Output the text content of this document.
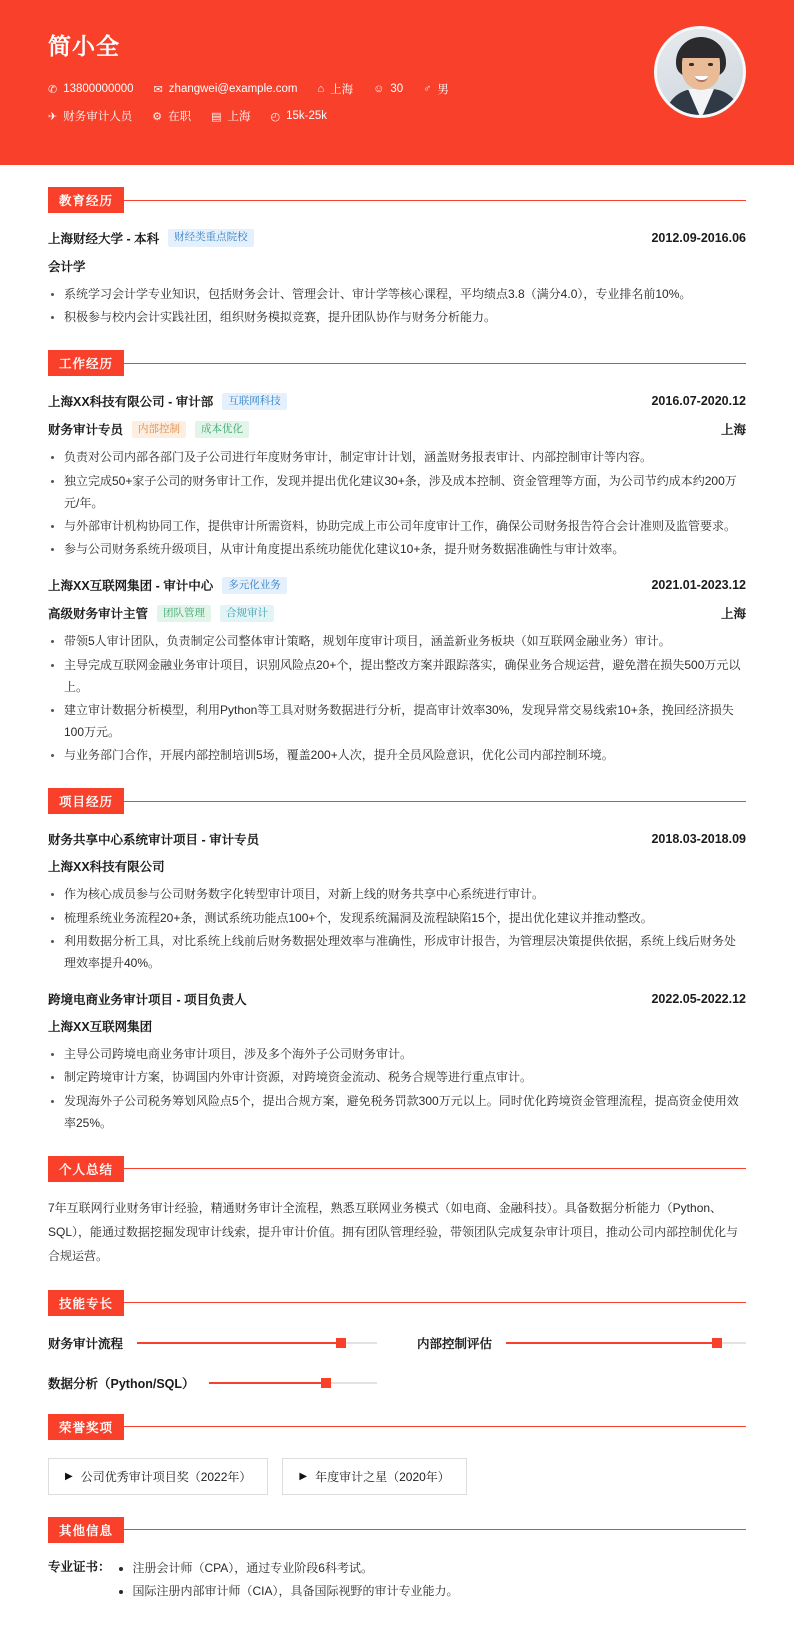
简小全
✆ 13800000000 ✉ zhangwei@example.com ⌂ 上海 ☺ 30 ♂ 男
✈ 财务审计人员 ⚙ 在职 ▤ 上海 ◴ 15k-25k
教育经历
上海财经大学 - 本科	财经类重点院校	2012.09-2016.06
会计学
• 系统学习会计学专业知识，包括财务会计、管理会计、审计学等核心课程，平均绩点3.8（满分4.0），专业排名前10%。
• 积极参与校内会计实践社团，组织财务模拟竞赛，提升团队协作与财务分析能力。
工作经历
上海XX科技有限公司 - 审计部	互联网科技	2016.07-2020.12
财务审计专员	内部控制	成本优化	上海
• 负责对公司内部各部门及子公司进行年度财务审计，制定审计计划，涵盖财务报表审计、内部控制审计等内容。
• 独立完成50+家子公司的财务审计工作，发现并提出优化建议30+条，涉及成本控制、资金管理等方面，为公司节约成本约200万元/年。
• 与外部审计机构协同工作，提供审计所需资料，协助完成上市公司年度审计工作，确保公司财务报告符合会计准则及监管要求。
• 参与公司财务系统升级项目，从审计角度提出系统功能优化建议10+条，提升财务数据准确性与审计效率。
上海XX互联网集团 - 审计中心	多元化业务	2021.01-2023.12
高级财务审计主管	团队管理	合规审计	上海
• 带领5人审计团队，负责制定公司整体审计策略，规划年度审计项目，涵盖新业务板块（如互联网金融业务）审计。
• 主导完成互联网金融业务审计项目，识别风险点20+个，提出整改方案并跟踪落实，确保业务合规运营，避免潜在损失500万元以上。
• 建立审计数据分析模型，利用Python等工具对财务数据进行分析，提高审计效率30%，发现异常交易线索10+条，挽回经济损失100万元。
• 与业务部门合作，开展内部控制培训5场，覆盖200+人次，提升全员风险意识，优化公司内部控制环境。
项目经历
财务共享中心系统审计项目 - 审计专员	2018.03-2018.09
上海XX科技有限公司
• 作为核心成员参与公司财务数字化转型审计项目，对新上线的财务共享中心系统进行审计。
• 梳理系统业务流程20+条，测试系统功能点100+个，发现系统漏洞及流程缺陷15个，提出优化建议并推动整改。
• 利用数据分析工具，对比系统上线前后财务数据处理效率与准确性，形成审计报告，为管理层决策提供依据，系统上线后财务处理效率提升40%。
跨境电商业务审计项目 - 项目负责人	2022.05-2022.12
上海XX互联网集团
• 主导公司跨境电商业务审计项目，涉及多个海外子公司财务审计。
• 制定跨境审计方案，协调国内外审计资源，对跨境资金流动、税务合规等进行重点审计。
• 发现海外子公司税务筹划风险点5个，提出合规方案，避免税务罚款300万元以上。同时优化跨境资金管理流程，提高资金使用效率25%。
个人总结
7年互联网行业财务审计经验，精通财务审计全流程，熟悉互联网业务模式（如电商、金融科技）。具备数据分析能力（Python、SQL），能通过数据挖掘发现审计线索，提升审计价值。拥有团队管理经验，带领团队完成复杂审计项目，推动公司内部控制优化与合规运营。
技能专长
财务审计流程	内部控制评估
数据分析（Python/SQL）
荣誉奖项
▶ 公司优秀审计项目奖（2022年）	▶ 年度审计之星（2020年）
其他信息
专业证书： • 注册会计师（CPA），通过专业阶段6科考试。
• 国际注册内部审计师（CIA），具备国际视野的审计专业能力。
